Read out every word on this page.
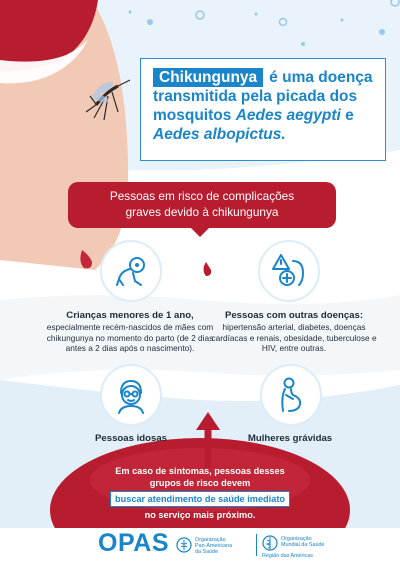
Chikungunya é uma doença transmitida pela picada dos mosquitos Aedes aegypti e Aedes albopictus.
Pessoas em risco de complicações
graves devido à chikungunya
Crianças menores de 1 ano,
especialmente recém-nascidos de mães com chikungunya no momento do parto (de 2 dias antes a 2 dias após o nascimento).
Pessoas com outras doenças:
hipertensão arterial, diabetes, doenças cardíacas e renais, obesidade, tuberculose e HIV, entre outras.
Pessoas idosas	Mulheres grávidas
Em caso de sintomas, pessoas desses grupos de risco devem
buscar atendimento de saúde imediato
no serviço mais próximo.
OPAS	Organização
Pan-Americana
da Saúde
Organização
Mundial da Saúde
Região das Américas
